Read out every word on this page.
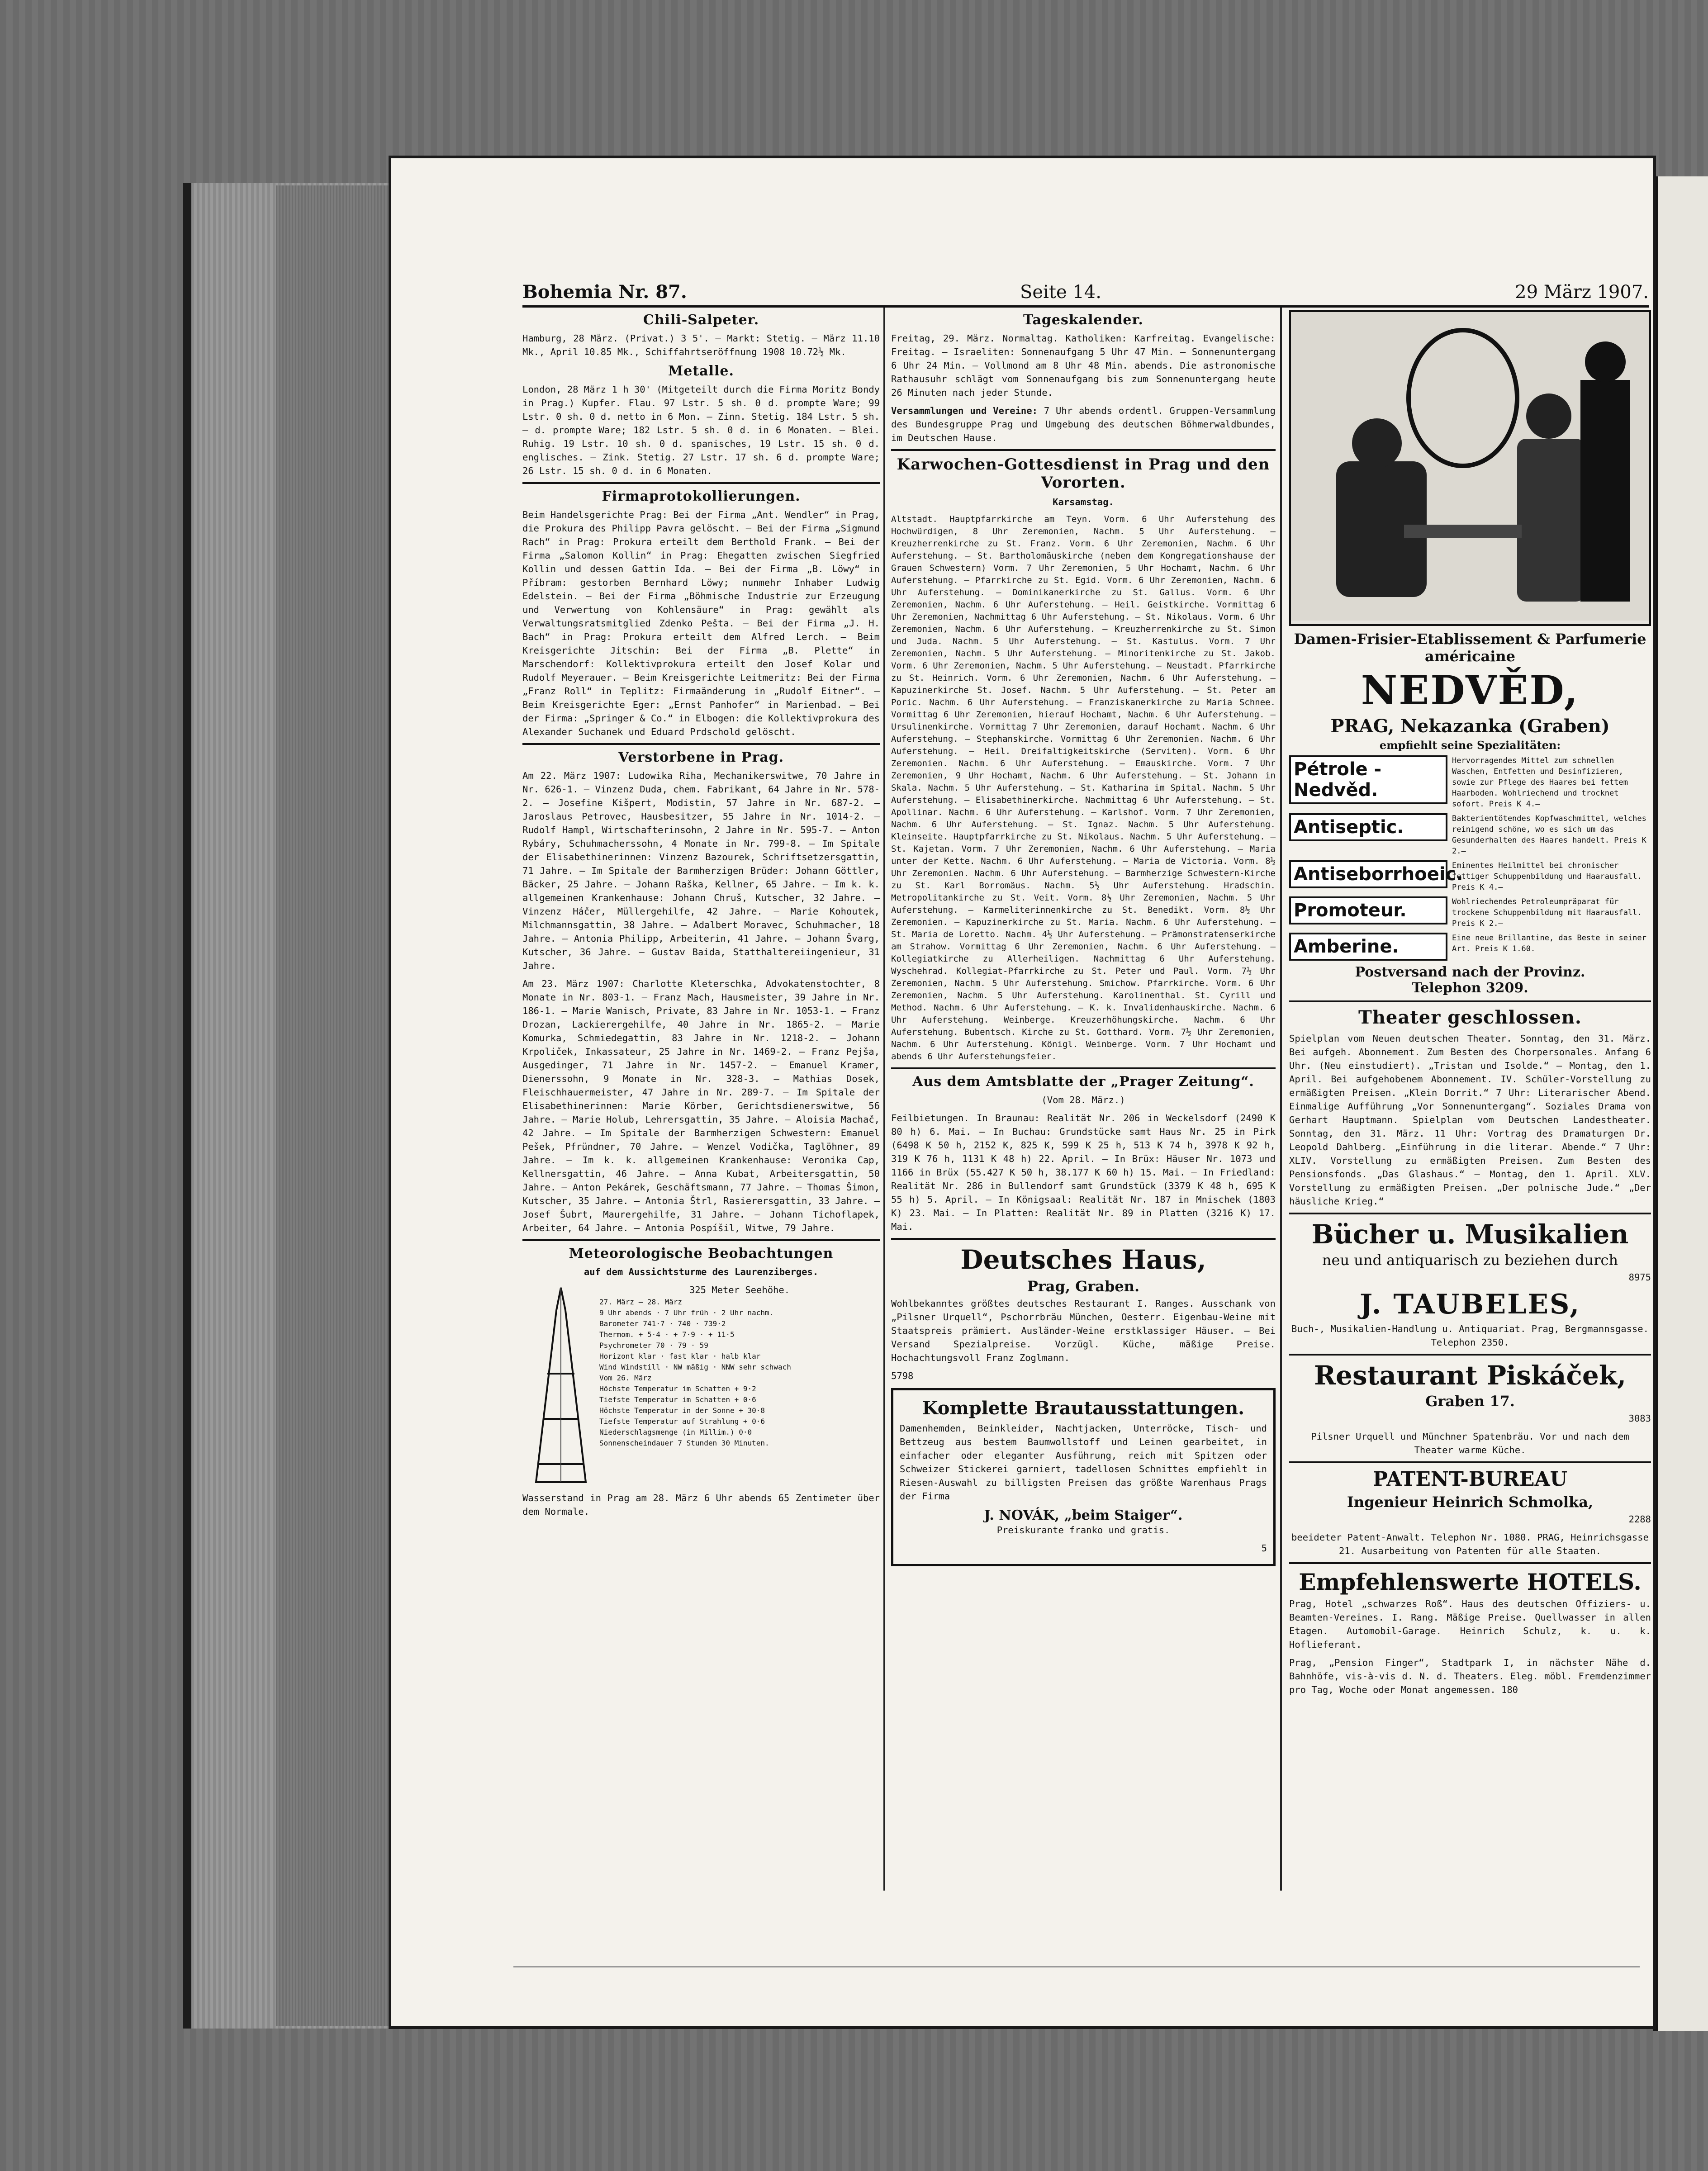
Bohemia Nr. 87.	Seite 14.	29 März 1907.
Chili-Salpeter.

Hamburg, 28 März. (Privat.) 3 5'. — Markt: Stetig. — März 11.10 Mk., April 10.85 Mk., Schiffahrtseröffnung 1908 10.72½ Mk.

Metalle.

London, 28 März 1 h 30' (Mitgeteilt durch die Firma Moritz Bondy in Prag.) Kupfer. Flau. 97 Lstr. 5 sh. 0 d. prompte Ware; 99 Lstr. 0 sh. 0 d. netto in 6 Mon. — Zinn. Stetig. 184 Lstr. 5 sh. — d. prompte Ware; 182 Lstr. 5 sh. 0 d. in 6 Monaten. — Blei. Ruhig. 19 Lstr. 10 sh. 0 d. spanisches, 19 Lstr. 15 sh. 0 d. englisches. — Zink. Stetig. 27 Lstr. 17 sh. 6 d. prompte Ware; 26 Lstr. 15 sh. 0 d. in 6 Monaten.

Firmaprotokollierungen.

Beim Handelsgerichte Prag: Bei der Firma „Ant. Wendler“ in Prag, die Prokura des Philipp Pavra gelöscht. — Bei der Firma „Sigmund Rach“ in Prag: Prokura erteilt dem Berthold Frank. — Bei der Firma „Salomon Kollin“ in Prag: Ehegatten zwischen Siegfried Kollin und dessen Gattin Ida. — Bei der Firma „B. Löwy“ in Příbram: gestorben Bernhard Löwy; nunmehr Inhaber Ludwig Edelstein. — Bei der Firma „Böhmische Industrie zur Erzeugung und Verwertung von Kohlensäure“ in Prag: gewählt als Verwaltungsratsmitglied Zdenko Pešta. — Bei der Firma „J. H. Bach“ in Prag: Prokura erteilt dem Alfred Lerch. — Beim Kreisgerichte Jitschin: Bei der Firma „B. Plette“ in Marschendorf: Kollektivprokura erteilt den Josef Kolar und Rudolf Meyerauer. — Beim Kreisgerichte Leitmeritz: Bei der Firma „Franz Roll“ in Teplitz: Firmaänderung in „Rudolf Eitner“. — Beim Kreisgerichte Eger: „Ernst Panhofer“ in Marienbad. — Bei der Firma: „Springer & Co.“ in Elbogen: die Kollektivprokura des Alexander Suchanek und Eduard Prdschold gelöscht.

Verstorbene in Prag.

Am 22. März 1907: Ludowika Riha, Mechanikerswitwe, 70 Jahre in Nr. 626-1. — Vinzenz Duda, chem. Fabrikant, 64 Jahre in Nr. 578-2. — Josefine Kišpert, Modistin, 57 Jahre in Nr. 687-2. — Jaroslaus Petrovec, Hausbesitzer, 55 Jahre in Nr. 1014-2. — Rudolf Hampl, Wirtschafterinsohn, 2 Jahre in Nr. 595-7. — Anton Rybáry, Schuhmacherssohn, 4 Monate in Nr. 799-8. — Im Spitale der Elisabethinerinnen: Vinzenz Bazourek, Schriftsetzersgattin, 71 Jahre. — Im Spitale der Barmherzigen Brüder: Johann Göttler, Bäcker, 25 Jahre. — Johann Raška, Kellner, 65 Jahre. — Im k. k. allgemeinen Krankenhause: Johann Chruš, Kutscher, 32 Jahre. — Vinzenz Háčer, Müllergehilfe, 42 Jahre. — Marie Kohoutek, Milchmannsgattin, 38 Jahre. — Adalbert Moravec, Schuhmacher, 18 Jahre. — Antonia Philipp, Arbeiterin, 41 Jahre. — Johann Švarg, Kutscher, 36 Jahre. — Gustav Baida, Statthaltereiingenieur, 31 Jahre.

Am 23. März 1907: Charlotte Kleterschka, Advokatenstochter, 8 Monate in Nr. 803-1. — Franz Mach, Hausmeister, 39 Jahre in Nr. 186-1. — Marie Wanisch, Private, 83 Jahre in Nr. 1053-1. — Franz Drozan, Lackierergehilfe, 40 Jahre in Nr. 1865-2. — Marie Komurka, Schmiedegattin, 83 Jahre in Nr. 1218-2. — Johann Krpoliček, Inkassateur, 25 Jahre in Nr. 1469-2. — Franz Pejša, Ausgedinger, 71 Jahre in Nr. 1457-2. — Emanuel Kramer, Dienerssohn, 9 Monate in Nr. 328-3. — Mathias Dosek, Fleischhauermeister, 47 Jahre in Nr. 289-7. — Im Spitale der Elisabethinerinnen: Marie Körber, Gerichtsdienerswitwe, 56 Jahre. — Marie Holub, Lehrersgattin, 35 Jahre. — Aloisia Machač, 42 Jahre. — Im Spitale der Barmherzigen Schwestern: Emanuel Pešek, Pfründner, 70 Jahre. — Wenzel Vodička, Taglöhner, 89 Jahre. — Im k. k. allgemeinen Krankenhause: Veronika Cap, Kellnersgattin, 46 Jahre. — Anna Kubat, Arbeitersgattin, 50 Jahre. — Anton Pekárek, Geschäftsmann, 77 Jahre. — Thomas Šimon, Kutscher, 35 Jahre. — Antonia Štrl, Rasierersgattin, 33 Jahre. — Josef Šubrt, Maurergehilfe, 31 Jahre. — Johann Tichoflapek, Arbeiter, 64 Jahre. — Antonia Pospíšil, Witwe, 79 Jahre.

Meteorologische Beobachtungen
auf dem Aussichtsturme des Laurenziberges.
325 Meter Seehöhe.
27. März — 28. März
9 Uhr abends · 7 Uhr früh · 2 Uhr nachm.
Barometer 741·7 · 740 · 739·2
Thermom. + 5·4 · + 7·9 · + 11·5
Psychrometer 70 · 79 · 59
Horizont klar · fast klar · halb klar
Wind Windstill · NW mäßig · NNW sehr schwach
Vom 26. März
Höchste Temperatur im Schatten + 9·2
Tiefste Temperatur im Schatten + 0·6
Höchste Temperatur in der Sonne + 30·8
Tiefste Temperatur auf Strahlung + 0·6
Niederschlagsmenge (in Millim.) 0·0
Sonnenscheindauer 7 Stunden 30 Minuten.

Wasserstand in Prag am 28. März 6 Uhr abends 65 Zentimeter über dem Normale.

Tageskalender.

Freitag, 29. März. Normaltag. Katholiken: Karfreitag. Evangelische: Freitag. — Israeliten: Sonnenaufgang 5 Uhr 47 Min. — Sonnenuntergang 6 Uhr 24 Min. — Vollmond am 8 Uhr 48 Min. abends. Die astronomische Rathausuhr schlägt vom Sonnenaufgang bis zum Sonnenuntergang heute 26 Minuten nach jeder Stunde.

Versammlungen und Vereine: 7 Uhr abends ordentl. Gruppen-Versammlung des Bundesgruppe Prag und Umgebung des deutschen Böhmerwaldbundes, im Deutschen Hause.

Karwochen-Gottesdienst in Prag und den Vororten.
Karsamstag.

Altstadt. Hauptpfarrkirche am Teyn. Vorm. 6 Uhr Auferstehung des Hochwürdigen, 8 Uhr Zeremonien, Nachm. 5 Uhr Auferstehung. — Kreuzherrenkirche zu St. Franz. Vorm. 6 Uhr Zeremonien, Nachm. 6 Uhr Auferstehung. — St. Bartholomäuskirche (neben dem Kongregationshause der Grauen Schwestern) Vorm. 7 Uhr Zeremonien, 5 Uhr Hochamt, Nachm. 6 Uhr Auferstehung. — Pfarrkirche zu St. Egid. Vorm. 6 Uhr Zeremonien, Nachm. 6 Uhr Auferstehung. — Dominikanerkirche zu St. Gallus. Vorm. 6 Uhr Zeremonien, Nachm. 6 Uhr Auferstehung. — Heil. Geistkirche. Vormittag 6 Uhr Zeremonien, Nachmittag 6 Uhr Auferstehung. — St. Nikolaus. Vorm. 6 Uhr Zeremonien, Nachm. 6 Uhr Auferstehung. — Kreuzherrenkirche zu St. Simon und Juda. Nachm. 5 Uhr Auferstehung. — St. Kastulus. Vorm. 7 Uhr Zeremonien, Nachm. 5 Uhr Auferstehung. — Minoritenkirche zu St. Jakob. Vorm. 6 Uhr Zeremonien, Nachm. 5 Uhr Auferstehung. — Neustadt. Pfarrkirche zu St. Heinrich. Vorm. 6 Uhr Zeremonien, Nachm. 6 Uhr Auferstehung. — Kapuzinerkirche St. Josef. Nachm. 5 Uhr Auferstehung. — St. Peter am Poric. Nachm. 6 Uhr Auferstehung. — Franziskanerkirche zu Maria Schnee. Vormittag 6 Uhr Zeremonien, hierauf Hochamt, Nachm. 6 Uhr Auferstehung. — Ursulinenkirche. Vormittag 7 Uhr Zeremonien, darauf Hochamt. Nachm. 6 Uhr Auferstehung. — Stephanskirche. Vormittag 6 Uhr Zeremonien. Nachm. 6 Uhr Auferstehung. — Heil. Dreifaltigkeitskirche (Serviten). Vorm. 6 Uhr Zeremonien. Nachm. 6 Uhr Auferstehung. — Emauskirche. Vorm. 7 Uhr Zeremonien, 9 Uhr Hochamt, Nachm. 6 Uhr Auferstehung. — St. Johann in Skala. Nachm. 5 Uhr Auferstehung. — St. Katharina im Spital. Nachm. 5 Uhr Auferstehung. — Elisabethinerkirche. Nachmittag 6 Uhr Auferstehung. — St. Apollinar. Nachm. 6 Uhr Auferstehung. — Karlshof. Vorm. 7 Uhr Zeremonien, Nachm. 6 Uhr Auferstehung. — St. Ignaz. Nachm. 5 Uhr Auferstehung. Kleinseite. Hauptpfarrkirche zu St. Nikolaus. Nachm. 5 Uhr Auferstehung. — St. Kajetan. Vorm. 7 Uhr Zeremonien, Nachm. 6 Uhr Auferstehung. — Maria unter der Kette. Nachm. 6 Uhr Auferstehung. — Maria de Victoria. Vorm. 8½ Uhr Zeremonien. Nachm. 6 Uhr Auferstehung. — Barmherzige Schwestern-Kirche zu St. Karl Borromäus. Nachm. 5½ Uhr Auferstehung. Hradschin. Metropolitankirche zu St. Veit. Vorm. 8½ Uhr Zeremonien, Nachm. 5 Uhr Auferstehung. — Karmeliterinnenkirche zu St. Benedikt. Vorm. 8½ Uhr Zeremonien. — Kapuzinerkirche zu St. Maria. Nachm. 6 Uhr Auferstehung. — St. Maria de Loretto. Nachm. 4½ Uhr Auferstehung. — Prämonstratenserkirche am Strahow. Vormittag 6 Uhr Zeremonien, Nachm. 6 Uhr Auferstehung. — Kollegiatkirche zu Allerheiligen. Nachmittag 6 Uhr Auferstehung. Wyschehrad. Kollegiat-Pfarrkirche zu St. Peter und Paul. Vorm. 7½ Uhr Zeremonien, Nachm. 5 Uhr Auferstehung. Smichow. Pfarrkirche. Vorm. 6 Uhr Zeremonien, Nachm. 5 Uhr Auferstehung. Karolinenthal. St. Cyrill und Method. Nachm. 6 Uhr Auferstehung. — K. k. Invalidenhauskirche. Nachm. 6 Uhr Auferstehung. Weinberge. Kreuzerhöhungskirche. Nachm. 6 Uhr Auferstehung. Bubentsch. Kirche zu St. Gotthard. Vorm. 7½ Uhr Zeremonien, Nachm. 6 Uhr Auferstehung. Königl. Weinberge. Vorm. 7 Uhr Hochamt und abends 6 Uhr Auferstehungsfeier.

Aus dem Amtsblatte der „Prager Zeitung“.
(Vom 28. März.)

Feilbietungen. In Braunau: Realität Nr. 206 in Weckelsdorf (2490 K 80 h) 6. Mai. — In Buchau: Grundstücke samt Haus Nr. 25 in Pirk (6498 K 50 h, 2152 K, 825 K, 599 K 25 h, 513 K 74 h, 3978 K 92 h, 319 K 76 h, 1131 K 48 h) 22. April. — In Brüx: Häuser Nr. 1073 und 1166 in Brüx (55.427 K 50 h, 38.177 K 60 h) 15. Mai. — In Friedland: Realität Nr. 286 in Bullendorf samt Grundstück (3379 K 48 h, 695 K 55 h) 5. April. — In Königsaal: Realität Nr. 187 in Mnischek (1803 K) 23. Mai. — In Platten: Realität Nr. 89 in Platten (3216 K) 17. Mai.

Deutsches Haus,
Prag, Graben.

Wohlbekanntes größtes deutsches Restaurant I. Ranges. Ausschank von „Pilsner Urquell“, Pschorrbräu München, Oesterr. Eigenbau-Weine mit Staatspreis prämiert. Ausländer-Weine erstklassiger Häuser. — Bei Versand Spezialpreise. Vorzügl. Küche, mäßige Preise. Hochachtungsvoll Franz Zoglmann.

5798
Komplette Brautausstattungen.

Damenhemden, Beinkleider, Nachtjacken, Unterröcke, Tisch- und Bettzeug aus bestem Baumwollstoff und Leinen gearbeitet, in einfacher oder eleganter Ausführung, reich mit Spitzen oder Schweizer Stickerei garniert, tadellosen Schnittes empfiehlt in Riesen-Auswahl zu billigsten Preisen das größte Warenhaus Prags der Firma

J. NOVÁK, „beim Staiger“.
Preiskurante franko und gratis.
5
Damen-Frisier-Etablissement & Parfumerie américaine
NEDVĚD,
PRAG, Nekazanka (Graben)
empfiehlt seine Spezialitäten:
Pétrole - Nedvěd.
Hervorragendes Mittel zum schnellen Waschen, Entfetten und Desinfizieren, sowie zur Pflege des Haares bei fettem Haarboden. Wohlriechend und trocknet sofort. Preis K 4.—
Antiseptic.	Bakterientötendes Kopfwaschmittel, welches reinigend schöne, wo es sich um das Gesunderhalten des Haares handelt. Preis K 2.—
Antiseborrhoeic.
Eminentes Heilmittel bei chronischer fettiger Schuppenbildung und Haarausfall. Preis K 4.—
Promoteur.	Wohlriechendes Petroleumpräparat für trockene Schuppenbildung mit Haarausfall. Preis K 2.—
Amberine.	Eine neue Brillantine, das Beste in seiner Art. Preis K 1.60.
Postversand nach der Provinz.
Telephon 3209.
Theater geschlossen.

Spielplan vom Neuen deutschen Theater. Sonntag, den 31. März. Bei aufgeh. Abonnement. Zum Besten des Chorpersonales. Anfang 6 Uhr. (Neu einstudiert). „Tristan und Isolde.“ — Montag, den 1. April. Bei aufgehobenem Abonnement. IV. Schüler-Vorstellung zu ermäßigten Preisen. „Klein Dorrit.“ 7 Uhr: Literarischer Abend. Einmalige Aufführung „Vor Sonnenuntergang“. Soziales Drama von Gerhart Hauptmann. Spielplan vom Deutschen Landestheater. Sonntag, den 31. März. 11 Uhr: Vortrag des Dramaturgen Dr. Leopold Dahlberg. „Einführung in die literar. Abende.“ 7 Uhr: XLIV. Vorstellung zu ermäßigten Preisen. Zum Besten des Pensionsfonds. „Das Glashaus.“ — Montag, den 1. April. XLV. Vorstellung zu ermäßigten Preisen. „Der polnische Jude.“ „Der häusliche Krieg.“

Bücher u. Musikalien
neu und antiquarisch zu beziehen durch
8975
J. TAUBELES,

Buch-, Musikalien-Handlung u. Antiquariat. Prag, Bergmannsgasse. Telephon 2350.

Restaurant Piskáček,
Graben 17.
3083

Pilsner Urquell und Münchner Spatenbräu. Vor und nach dem Theater warme Küche.

PATENT-BUREAU
Ingenieur Heinrich Schmolka,
2288

beeideter Patent-Anwalt. Telephon Nr. 1080. PRAG, Heinrichsgasse 21. Ausarbeitung von Patenten für alle Staaten.

Empfehlenswerte HOTELS.

Prag, Hotel „schwarzes Roß“. Haus des deutschen Offiziers- u. Beamten-Vereines. I. Rang. Mäßige Preise. Quellwasser in allen Etagen. Automobil-Garage. Heinrich Schulz, k. u. k. Hoflieferant.

Prag, „Pension Finger“, Stadtpark I, in nächster Nähe d. Bahnhöfe, vis-à-vis d. N. d. Theaters. Eleg. möbl. Fremdenzimmer pro Tag, Woche oder Monat angemessen. 180
